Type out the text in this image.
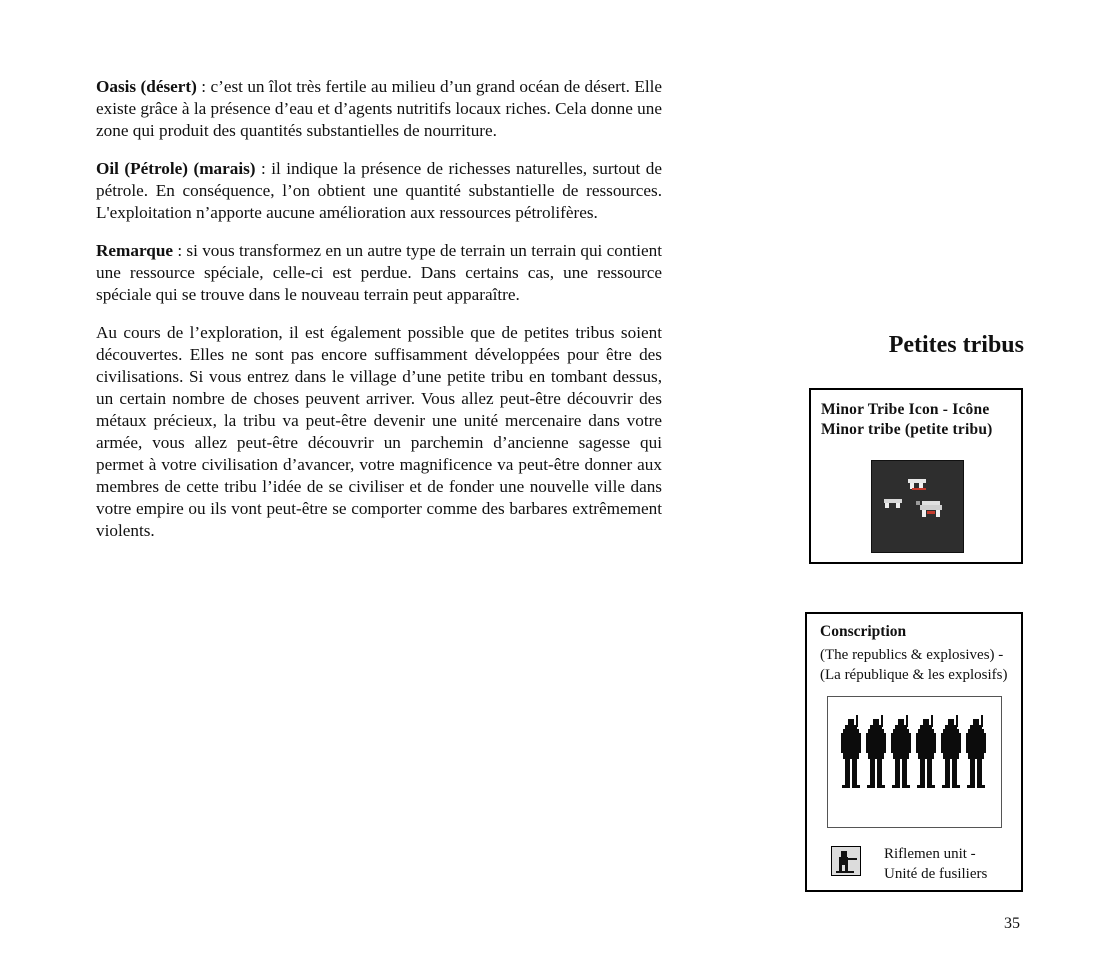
Oasis (désert) : c’est un îlot très fertile au milieu d’un grand océan de désert. Elle existe grâce à la présence d’eau et d’agents nutritifs locaux riches. Cela donne une zone qui produit des quantités substantielles de nourriture.

Oil (Pétrole) (marais) : il indique la présence de richesses naturelles, surtout de pétrole. En conséquence, l’on obtient une quantité substantielle de ressources. L'exploitation n’apporte aucune amélioration aux ressources pétrolifères.

Remarque : si vous transformez en un autre type de terrain un terrain qui contient une ressource spéciale, celle-ci est perdue. Dans certains cas, une ressource spéciale qui se trouve dans le nouveau terrain peut apparaître.

Au cours de l’exploration, il est également possible que de petites tribus soient découvertes. Elles ne sont pas encore suffisamment développées pour être des civilisations. Si vous entrez dans le village d’une petite tribu en tombant dessus, un certain nombre de choses peuvent arriver. Vous allez peut-être découvrir des métaux précieux, la tribu va peut-être devenir une unité mercenaire dans votre armée, vous allez peut-être découvrir un parchemin d’ancienne sagesse qui permet à votre civilisation d’avancer, votre magnificence va peut-être donner aux membres de cette tribu l’idée de se civiliser et de fonder une nouvelle ville dans votre empire ou ils vont peut-être se comporter comme des barbares extrêmement violents.

Petites tribus
Minor Tribe Icon - Icône
Minor tribe (petite tribu)
Conscription
(The republics & explosives) -
(La république & les explosifs)
Riflemen unit -
Unité de fusiliers
35
